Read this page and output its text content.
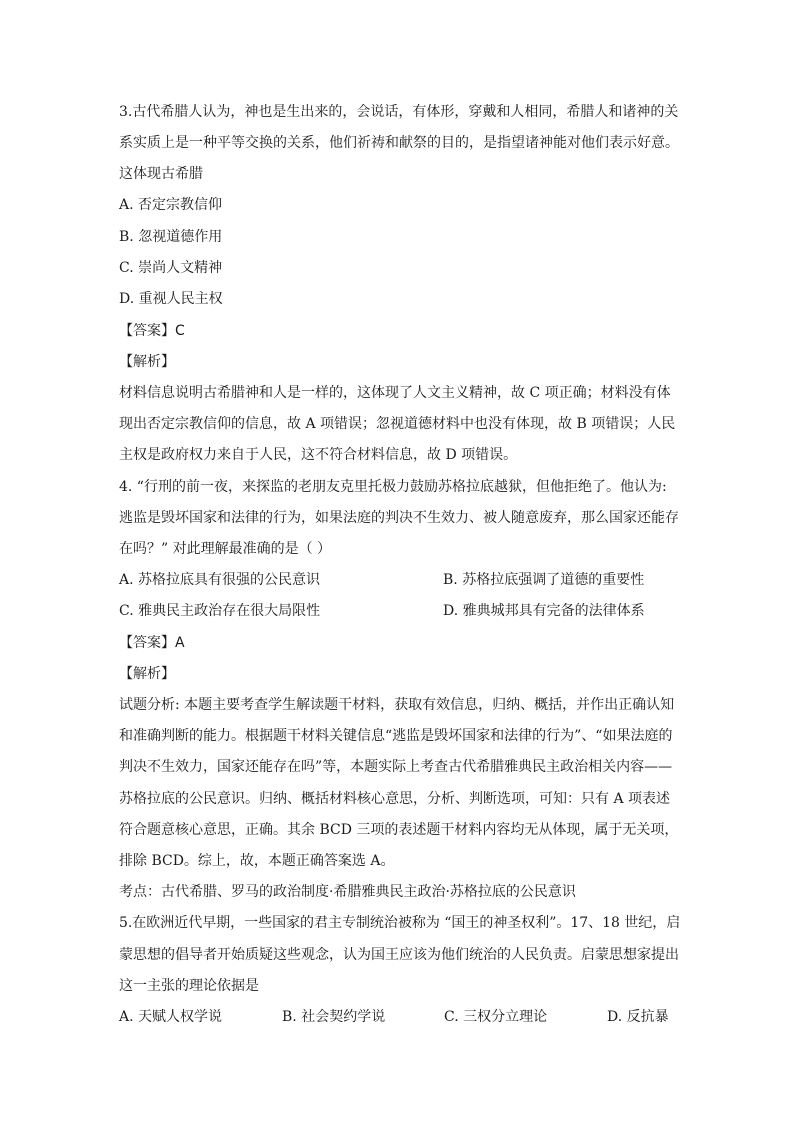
3.古代希腊人认为，神也是生出来的，会说话，有体形，穿戴和人相同，希腊人和诸神的关
系实质上是一种平等交换的关系，他们祈祷和献祭的目的，是指望诸神能对他们表示好意。
这体现古希腊
A. 否定宗教信仰
B. 忽视道德作用
C. 崇尚人文精神
D. 重视人民主权
【答案】C
【解析】
材料信息说明古希腊神和人是一样的，这体现了人文主义精神，故 C 项正确；材料没有体
现出否定宗教信仰的信息，故 A 项错误；忽视道德材料中也没有体现，故 B 项错误；人民
主权是政府权力来自于人民，这不符合材料信息，故 D 项错误。
4. “行刑的前一夜，来探监的老朋友克里托极力鼓励苏格拉底越狱，但他拒绝了。他认为:
逃监是毁坏国家和法律的行为，如果法庭的判决不生效力、被人随意废弃，那么国家还能存
在吗？” 对此理解最准确的是（ ）
A. 苏格拉底具有很强的公民意识	B. 苏格拉底强调了道德的重要性
C. 雅典民主政治存在很大局限性	D. 雅典城邦具有完备的法律体系
【答案】A
【解析】
试题分析: 本题主要考查学生解读题干材料，获取有效信息，归纳、概括，并作出正确认知
和准确判断的能力。根据题干材料关键信息“逃监是毁坏国家和法律的行为”、“如果法庭的
判决不生效力，国家还能存在吗”等，本题实际上考查古代希腊雅典民主政治相关内容——
苏格拉底的公民意识。归纳、概括材料核心意思，分析、判断选项，可知：只有 A 项表述
符合题意核心意思，正确。其余 BCD 三项的表述题干材料内容均无从体现，属于无关项，
排除 BCD。综上，故，本题正确答案选 A。
考点：古代希腊、罗马的政治制度·希腊雅典民主政治·苏格拉底的公民意识
5.在欧洲近代早期，一些国家的君主专制统治被称为 “国王的神圣权利”。17、18 世纪，启
蒙思想的倡导者开始质疑这些观念，认为国王应该为他们统治的人民负责。启蒙思想家提出
这一主张的理论依据是
A. 天赋人权学说	B. 社会契约学说	C. 三权分立理论	D. 反抗暴
